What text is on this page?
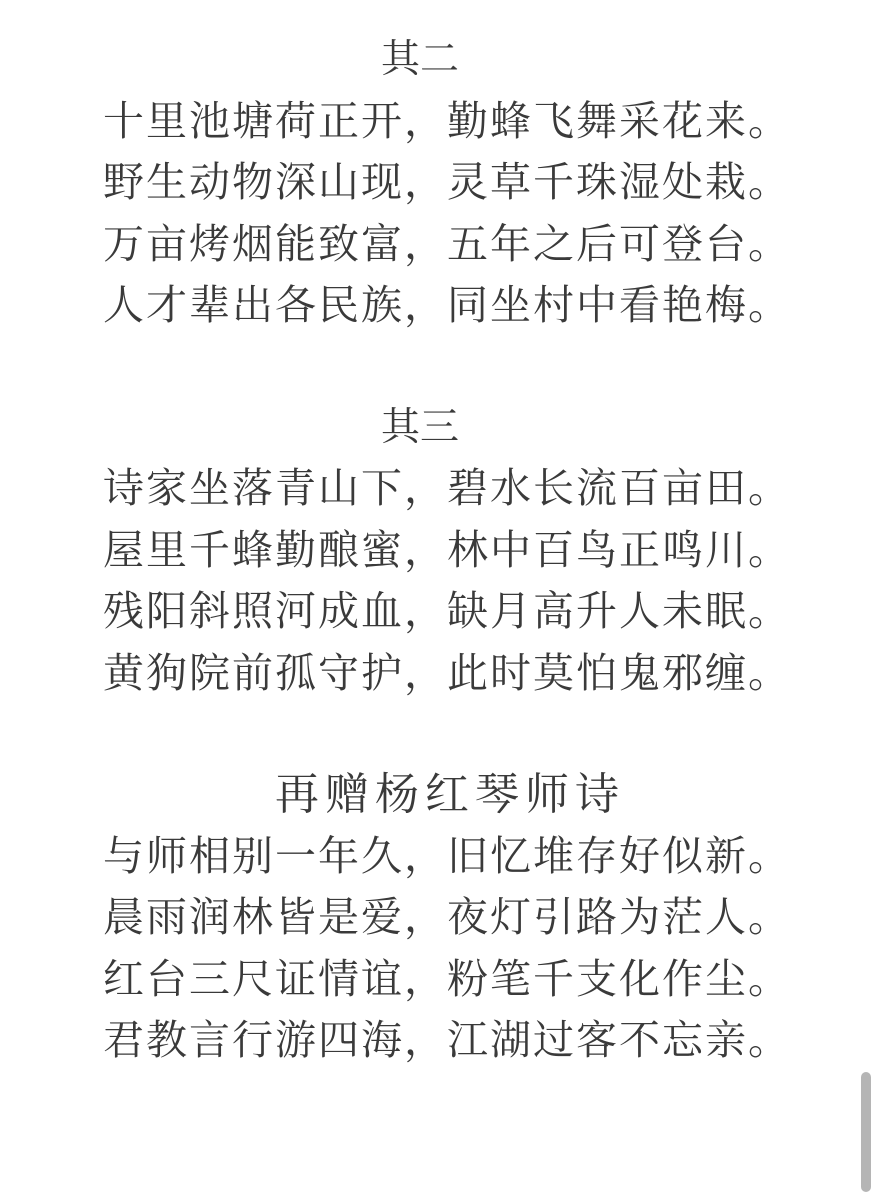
其二
十里池塘荷正开，勤蜂飞舞采花来。
野生动物深山现，灵草千珠湿处栽。
万亩烤烟能致富，五年之后可登台。
人才辈出各民族，同坐村中看艳梅。
其三
诗家坐落青山下，碧水长流百亩田。
屋里千蜂勤酿蜜，林中百鸟正鸣川。
残阳斜照河成血，缺月高升人未眠。
黄狗院前孤守护，此时莫怕鬼邪缠。
再赠杨红琴师诗
与师相别一年久，旧忆堆存好似新。
晨雨润林皆是爱，夜灯引路为茫人。
红台三尺证情谊，粉笔千支化作尘。
君教言行游四海，江湖过客不忘亲。
